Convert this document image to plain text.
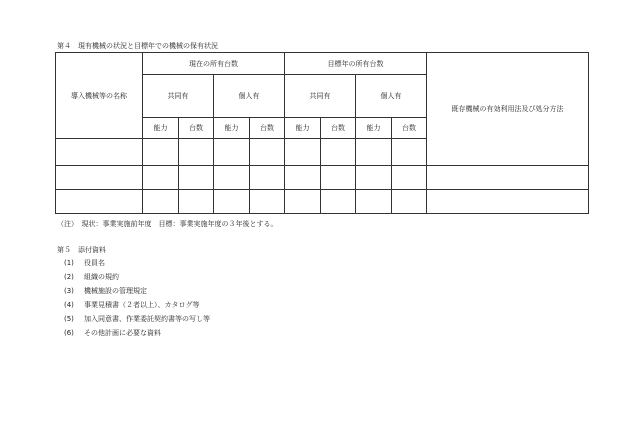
第４　現有機械の状況と目標年での機械の保有状況
導入機械等の名称	現在の所有台数				目標年の所有台数				既存機械の有効利用法及び処分方法
	共同有		個人有		共同有		個人有		
	能力	台数	能力	台数	能力	台数	能力	台数	

（注）　現状：事業実施前年度　目標：事業実施年度の３年後とする。
第５　添付資料
(1) 役員名
(2) 組織の規約
(3) 機械施設の管理規定
(4) 事業見積書（２者以上）、カタログ等
(5) 加入同意書、作業委託契約書等の写し等
(6) その他計画に必要な資料
